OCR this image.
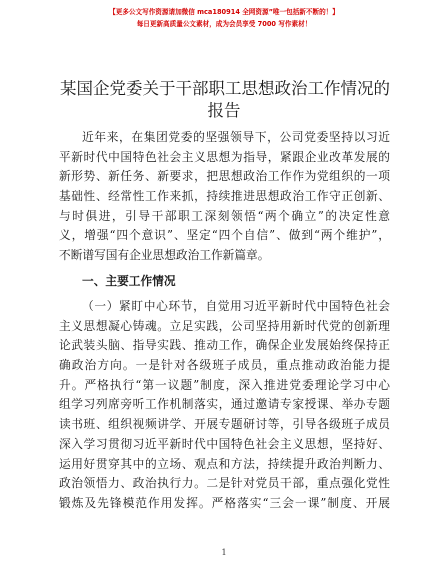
【更多公文写作资源请加微信 mca180914 全网资源”唯一包括新不断的！】
每日更新高质量公文素材，成为会员享受 7000 写作素材！
某国企党委关于干部职工思想政治工作情况的
报告
近年来，在集团党委的坚强领导下，公司党委坚持以习近
平新时代中国特色社会主义思想为指导，紧跟企业改革发展的
新形势、新任务、新要求，把思想政治工作作为党组织的一项
基础性、经常性工作来抓，持续推进思想政治工作守正创新、
与时俱进，引导干部职工深刻领悟“两个确立”的决定性意
义，增强“四个意识”、坚定“四个自信”、做到“两个维护”，
不断谱写国有企业思想政治工作新篇章。
一、主要工作情况
（一）紧盯中心环节，自觉用习近平新时代中国特色社会
主义思想凝心铸魂。立足实践，公司坚持用新时代党的创新理
论武装头脑、指导实践、推动工作，确保企业发展始终保持正
确政治方向。一是针对各级班子成员，重点推动政治能力提
升。严格执行“第一议题”制度，深入推进党委理论学习中心
组学习列席旁听工作机制落实，通过邀请专家授课、举办专题
读书班、组织视频讲学、开展专题研讨等，引导各级班子成员
深入学习贯彻习近平新时代中国特色社会主义思想，坚持好、
运用好贯穿其中的立场、观点和方法，持续提升政治判断力、
政治领悟力、政治执行力。二是针对党员干部，重点强化党性
锻炼及先锋模范作用发挥。严格落实“三会一课”制度、开展
1
